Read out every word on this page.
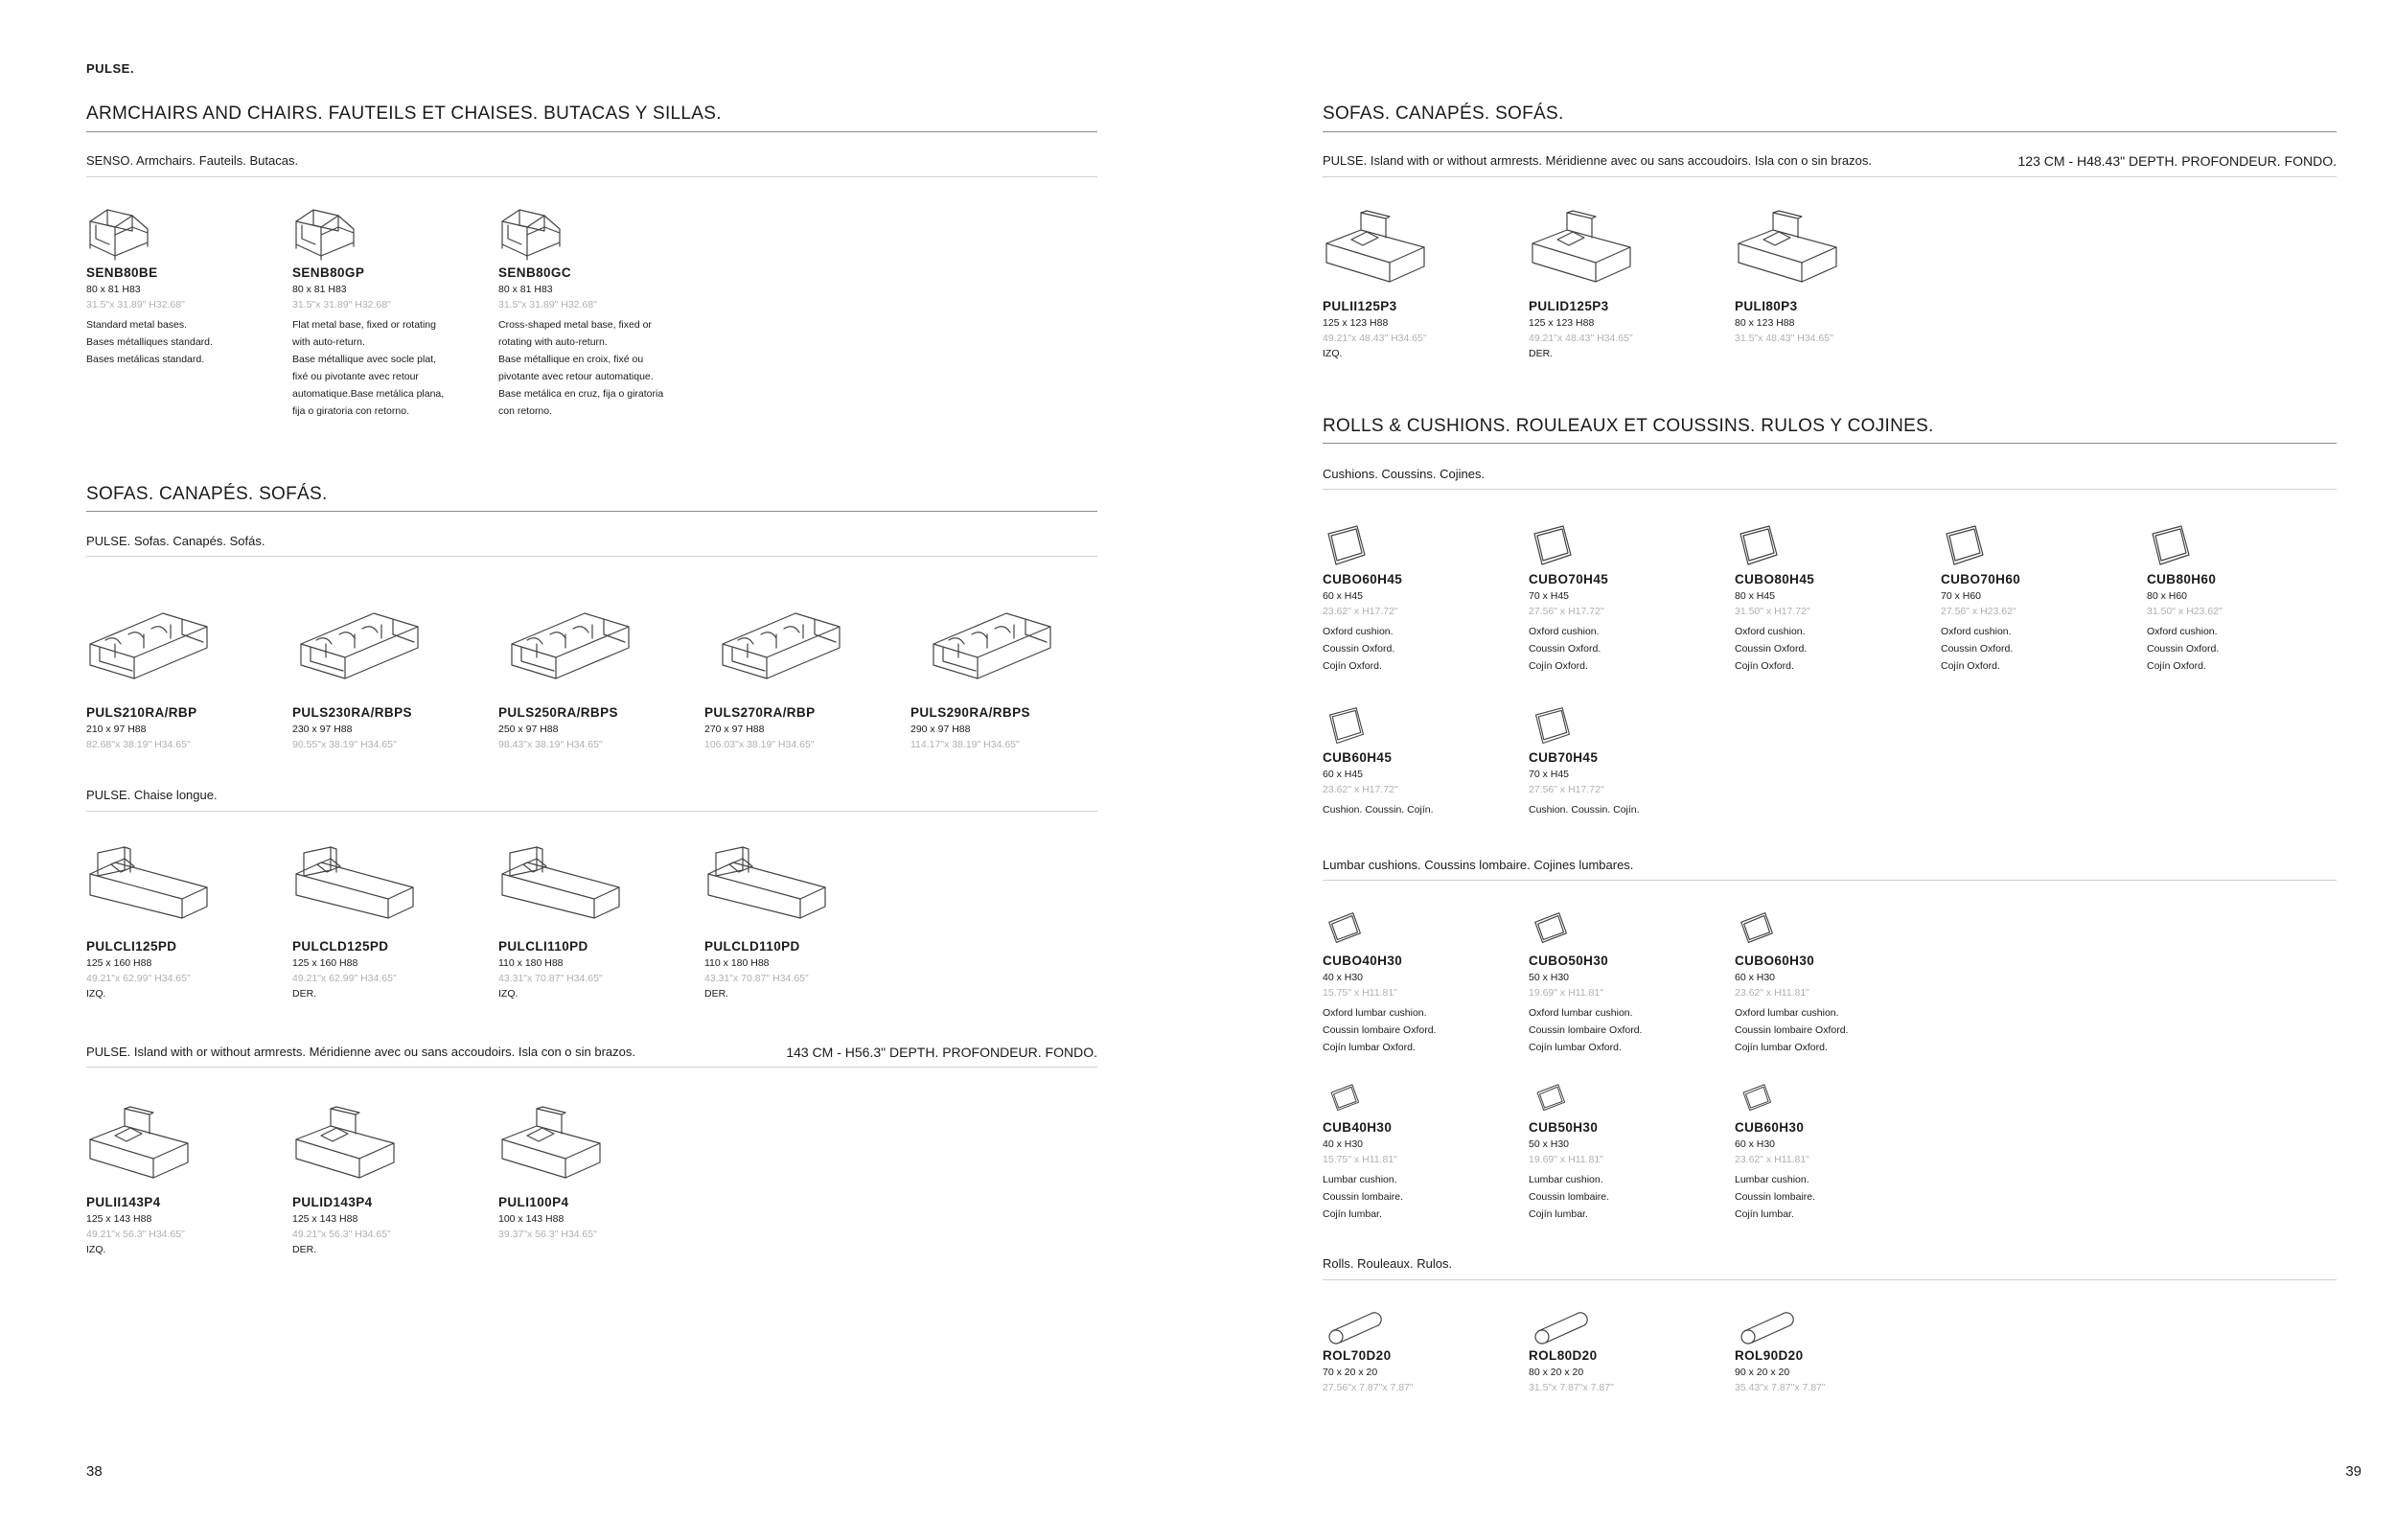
PULSE.
38	39
ARMCHAIRS AND CHAIRS. FAUTEILS ET CHAISES. BUTACAS Y SILLAS.
SENSO. Armchairs. Fauteils. Butacas.
SENB80BE
80 x 81 H83
31.5"x 31.89" H32.68"
Standard metal bases.
Bases métalliques standard.
Bases metálicas standard.
SENB80GP
80 x 81 H83
31.5"x 31.89" H32.68"
Flat metal base, fixed or rotating
with auto-return.
Base métallique avec socle plat,
fixé ou pivotante avec retour
automatique.Base metálica plana,
fija o giratoria con retorno.
SENB80GC
80 x 81 H83
31.5"x 31.89" H32.68"
Cross-shaped metal base, fixed or
rotating with auto-return.
Base métallique en croix, fixé ou
pivotante avec retour automatique.
Base metálica en cruz, fija o giratoria
con retorno.
SOFAS. CANAPÉS. SOFÁS.
PULSE. Sofas. Canapés. Sofás.
PULS210RA/RBP
210 x 97 H88
82.68"x 38.19" H34.65"
PULS230RA/RBPS
230 x 97 H88
90.55"x 38.19" H34.65"
PULS250RA/RBPS
250 x 97 H88
98.43"x 38.19" H34.65"
PULS270RA/RBP
270 x 97 H88
106.03"x 38.19" H34.65"
PULS290RA/RBPS
290 x 97 H88
114.17"x 38.19" H34.65"
PULSE. Chaise longue.
PULCLI125PD
125 x 160 H88
49.21"x 62.99" H34.65"
IZQ.
PULCLD125PD
125 x 160 H88
49.21"x 62.99" H34.65"
DER.
PULCLI110PD
110 x 180 H88
43.31"x 70.87" H34.65"
IZQ.
PULCLD110PD
110 x 180 H88
43.31"x 70.87" H34.65"
DER.
PULSE. Island with or without armrests. Méridienne avec ou sans accoudoirs. Isla con o sin brazos.	143 CM - H56.3" DEPTH. PROFONDEUR. FONDO.
PULII143P4
125 x 143 H88
49.21"x 56.3" H34.65"
IZQ.
PULID143P4
125 x 143 H88
49.21"x 56.3" H34.65"
DER.
PULI100P4
100 x 143 H88
39.37"x 56.3" H34.65"
SOFAS. CANAPÉS. SOFÁS.
PULSE. Island with or without armrests. Méridienne avec ou sans accoudoirs. Isla con o sin brazos.	123 CM - H48.43" DEPTH. PROFONDEUR. FONDO.
PULII125P3
125 x 123 H88
49.21"x 48.43" H34.65"
IZQ.
PULID125P3
125 x 123 H88
49.21"x 48.43" H34.65"
DER.
PULI80P3
80 x 123 H88
31.5"x 48.43" H34.65"
ROLLS & CUSHIONS. ROULEAUX ET COUSSINS. RULOS Y COJINES.
Cushions. Coussins. Cojines.
CUBO60H45
60 x H45
23.62" x H17.72"
Oxford cushion.
Coussin Oxford.
Cojín Oxford.
CUBO70H45
70 x H45
27.56" x H17.72"
Oxford cushion.
Coussin Oxford.
Cojín Oxford.
CUBO80H45
80 x H45
31.50" x H17.72"
Oxford cushion.
Coussin Oxford.
Cojín Oxford.
CUBO70H60
70 x H60
27.56" x H23.62"
Oxford cushion.
Coussin Oxford.
Cojín Oxford.
CUB80H60
80 x H60
31.50" x H23.62"
Oxford cushion.
Coussin Oxford.
Cojín Oxford.
CUB60H45
60 x H45
23.62" x H17.72"
Cushion. Coussin. Cojín.
CUB70H45
70 x H45
27.56" x H17.72"
Cushion. Coussin. Cojín.
Lumbar cushions. Coussins lombaire. Cojines lumbares.
CUBO40H30
40 x H30
15.75" x H11.81"
Oxford lumbar cushion.
Coussin lombaire Oxford.
Cojín lumbar Oxford.
CUBO50H30
50 x H30
19.69" x H11.81"
Oxford lumbar cushion.
Coussin lombaire Oxford.
Cojín lumbar Oxford.
CUBO60H30
60 x H30
23.62" x H11.81"
Oxford lumbar cushion.
Coussin lombaire Oxford.
Cojín lumbar Oxford.
CUB40H30
40 x H30
15.75" x H11.81"
Lumbar cushion.
Coussin lombaire.
Cojín lumbar.
CUB50H30
50 x H30
19.69" x H11.81"
Lumbar cushion.
Coussin lombaire.
Cojín lumbar.
CUB60H30
60 x H30
23.62" x H11.81"
Lumbar cushion.
Coussin lombaire.
Cojín lumbar.
Rolls. Rouleaux. Rulos.
ROL70D20
70 x 20 x 20
27.56"x 7.87"x 7.87"
ROL80D20
80 x 20 x 20
31.5"x 7.87"x 7.87"
ROL90D20
90 x 20 x 20
35.43"x 7.87"x 7.87"
